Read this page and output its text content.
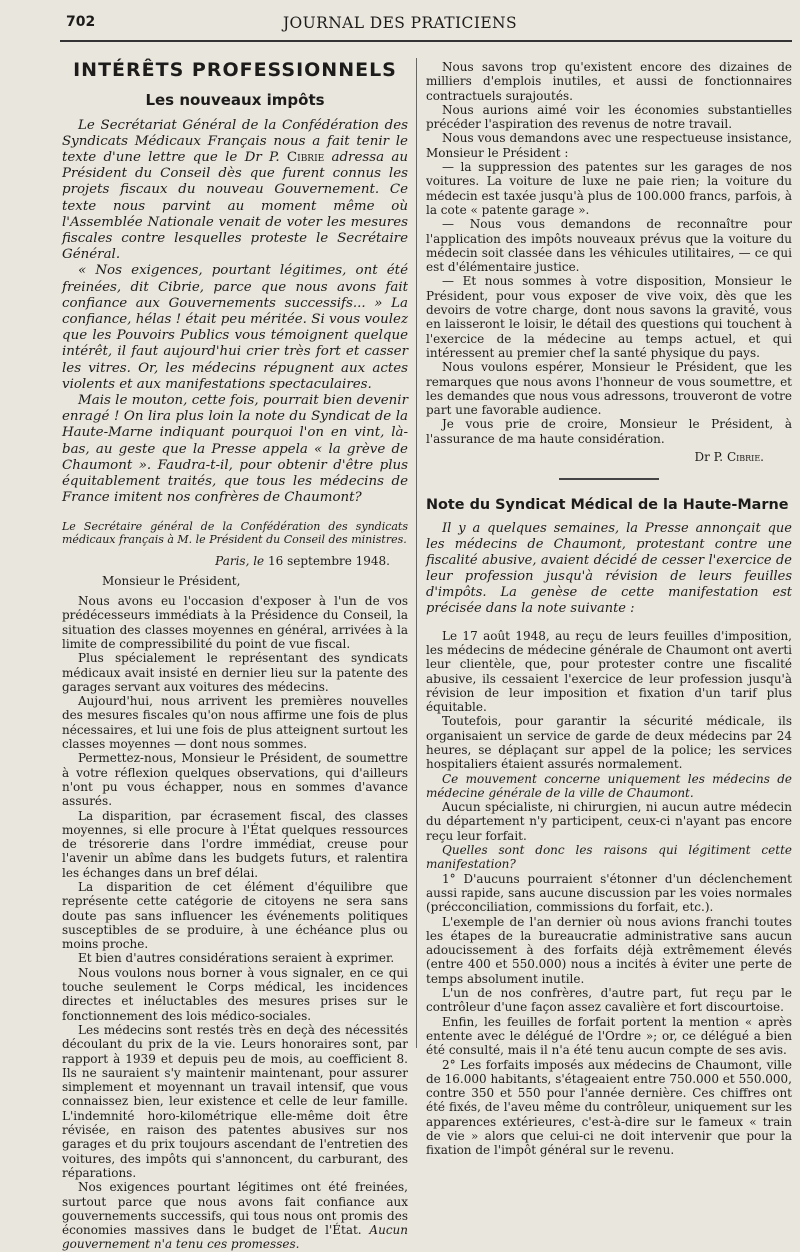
702	JOURNAL DES PRATICIENS
INTÉRÊTS PROFESSIONNELS
Les nouveaux impôts

Le Secrétariat Général de la Confédération des Syndicats Médicaux Français nous a fait tenir le texte d'une lettre que le Dr P. Cibrie adressa au Président du Conseil dès que furent connus les projets fiscaux du nouveau Gouvernement. Ce texte nous parvint au moment même où l'Assemblée Nationale venait de voter les mesures fiscales contre lesquelles proteste le Secrétaire Général.

« Nos exigences, pourtant légitimes, ont été freinées, dit Cibrie, parce que nous avons fait confiance aux Gouvernements successifs... » La confiance, hélas ! était peu méritée. Si vous voulez que les Pouvoirs Publics vous témoignent quelque intérêt, il faut aujourd'hui crier très fort et casser les vitres. Or, les médecins répugnent aux actes violents et aux manifestations spectaculaires.

Mais le mouton, cette fois, pourrait bien devenir enragé ! On lira plus loin la note du Syndicat de la Haute-Marne indiquant pourquoi l'on en vint, là-bas, au geste que la Presse appela « la grève de Chaumont ». Faudra-t-il, pour obtenir d'être plus équitablement traités, que tous les médecins de France imitent nos confrères de Chaumont?

Le Secrétaire général de la Confédération des syndicats médicaux français à M. le Président du Conseil des ministres.

Paris, le 16 septembre 1948.

Monsieur le Président,

Nous avons eu l'occasion d'exposer à l'un de vos prédécesseurs immédiats à la Présidence du Conseil, la situation des classes moyennes en général, arrivées à la limite de compressibilité du point de vue fiscal.

Plus spécialement le représentant des syndicats médicaux avait insisté en dernier lieu sur la patente des garages servant aux voitures des médecins.

Aujourd'hui, nous arrivent les premières nouvelles des mesures fiscales qu'on nous affirme une fois de plus nécessaires, et lui une fois de plus atteignent surtout les classes moyennes — dont nous sommes.

Permettez-nous, Monsieur le Président, de soumettre à votre réflexion quelques observations, qui d'ailleurs n'ont pu vous échapper, nous en sommes d'avance assurés.

La disparition, par écrasement fiscal, des classes moyennes, si elle procure à l'État quelques ressources de trésorerie dans l'ordre immédiat, creuse pour l'avenir un abîme dans les budgets futurs, et ralentira les échanges dans un bref délai.

La disparition de cet élément d'équilibre que représente cette catégorie de citoyens ne sera sans doute pas sans influencer les événements politiques susceptibles de se produire, à une échéance plus ou moins proche.

Et bien d'autres considérations seraient à exprimer.

Nous voulons nous borner à vous signaler, en ce qui touche seulement le Corps médical, les incidences directes et inéluctables des mesures prises sur le fonctionnement des lois médico-sociales.

Les médecins sont restés très en deçà des nécessités découlant du prix de la vie. Leurs honoraires sont, par rapport à 1939 et depuis peu de mois, au coefficient 8. Ils ne sauraient s'y maintenir maintenant, pour assurer simplement et moyennant un travail intensif, que vous connaissez bien, leur existence et celle de leur famille. L'indemnité horo-kilométrique elle-même doit être révisée, en raison des patentes abusives sur nos garages et du prix toujours ascendant de l'entretien des voitures, des impôts qui s'annoncent, du carburant, des réparations.

Nos exigences pourtant légitimes ont été freinées, surtout parce que nous avons fait confiance aux gouvernements successifs, qui tous nous ont promis des économies massives dans le budget de l'État. Aucun gouvernement n'a tenu ces promesses.

Nous savons trop qu'existent encore des dizaines de milliers d'emplois inutiles, et aussi de fonctionnaires contractuels surajoutés.

Nous aurions aimé voir les économies substantielles précéder l'aspiration des revenus de notre travail.

Nous vous demandons avec une respectueuse insistance, Monsieur le Président :

— la suppression des patentes sur les garages de nos voitures. La voiture de luxe ne paie rien; la voiture du médecin est taxée jusqu'à plus de 100.000 francs, parfois, à la cote « patente garage ».

— Nous vous demandons de reconnaître pour l'application des impôts nouveaux prévus que la voiture du médecin soit classée dans les véhicules utilitaires, — ce qui est d'élémentaire justice.

— Et nous sommes à votre disposition, Monsieur le Président, pour vous exposer de vive voix, dès que les devoirs de votre charge, dont nous savons la gravité, vous en laisseront le loisir, le détail des questions qui touchent à l'exercice de la médecine au temps actuel, et qui intéressent au premier chef la santé physique du pays.

Nous voulons espérer, Monsieur le Président, que les remarques que nous avons l'honneur de vous soumettre, et les demandes que nous vous adressons, trouveront de votre part une favorable audience.

Je vous prie de croire, Monsieur le Président, à l'assurance de ma haute considération.

Dr P. Cibrie.

Note du Syndicat Médical de la Haute-Marne

Il y a quelques semaines, la Presse annonçait que les médecins de Chaumont, protestant contre une fiscalité abusive, avaient décidé de cesser l'exercice de leur profession jusqu'à révision de leurs feuilles d'impôts. La genèse de cette manifestation est précisée dans la note suivante :

Le 17 août 1948, au reçu de leurs feuilles d'imposition, les médecins de médecine générale de Chaumont ont averti leur clientèle, que, pour protester contre une fiscalité abusive, ils cessaient l'exercice de leur profession jusqu'à révision de leur imposition et fixation d'un tarif plus équitable.

Toutefois, pour garantir la sécurité médicale, ils organisaient un service de garde de deux médecins par 24 heures, se déplaçant sur appel de la police; les services hospitaliers étaient assurés normalement.

Ce mouvement concerne uniquement les médecins de médecine générale de la ville de Chaumont.

Aucun spécialiste, ni chirurgien, ni aucun autre médecin du département n'y participent, ceux-ci n'ayant pas encore reçu leur forfait.

Quelles sont donc les raisons qui légitiment cette manifestation?

1° D'aucuns pourraient s'étonner d'un déclenchement aussi rapide, sans aucune discussion par les voies normales (précconciliation, commissions du forfait, etc.).

L'exemple de l'an dernier où nous avions franchi toutes les étapes de la bureaucratie administrative sans aucun adoucissement à des forfaits déjà extrêmement élevés (entre 400 et 550.000) nous a incités à éviter une perte de temps absolument inutile.

L'un de nos confrères, d'autre part, fut reçu par le contrôleur d'une façon assez cavalière et fort discourtoise.

Enfin, les feuilles de forfait portent la mention « après entente avec le délégué de l'Ordre »; or, ce délégué a bien été consulté, mais il n'a été tenu aucun compte de ses avis.

2° Les forfaits imposés aux médecins de Chaumont, ville de 16.000 habitants, s'étageaient entre 750.000 et 550.000, contre 350 et 550 pour l'année dernière. Ces chiffres ont été fixés, de l'aveu même du contrôleur, uniquement sur les apparences extérieures, c'est-à-dire sur le fameux « train de vie » alors que celui-ci ne doit intervenir que pour la fixation de l'impôt général sur le revenu.
